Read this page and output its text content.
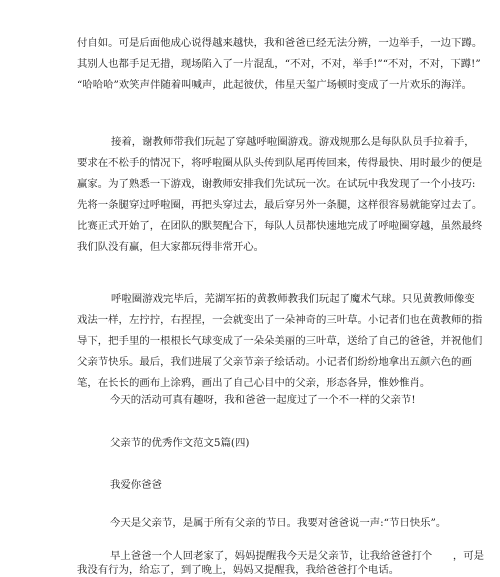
付自如。可是后面他成心说得越来越快，我和爸爸已经无法分辨，一边举手，一边下蹲。
其别人也都手足无措，现场陷入了一片混乱，“不对，不对，举手!”“不对，不对，下蹲!”
“哈哈哈”欢笑声伴随着叫喊声，此起彼伏，伟星天玺广场顿时变成了一片欢乐的海洋。

接着，谢教师带我们玩起了穿越呼啦圈游戏。游戏规那么是每队队员手拉着手，
要求在不松手的情况下，将呼啦圈从队头传到队尾再传回来，传得最快、用时最少的便是
赢家。为了熟悉一下游戏，谢教师安排我们先试玩一次。在试玩中我发现了一个小技巧:
先将一条腿穿过呼啦圈，再把头穿过去，最后穿另外一条腿，这样很容易就能穿过去了。
比赛正式开始了，在团队的默契配合下，每队人员都快速地完成了呼啦圈穿越，虽然最终
我们队没有赢，但大家都玩得非常开心。

呼啦圈游戏完毕后，芜湖军拓的黄教师教我们玩起了魔术气球。只见黄教师像变
戏法一样，左拧拧，右捏捏，一会就变出了一朵神奇的三叶草。小记者们也在黄教师的指
导下，把手里的一根根长气球变成了一朵朵美丽的三叶草，送给了自己的爸爸，并祝他们
父亲节快乐。最后，我们进展了父亲节亲子绘话动。小记者们纷纷地拿出五颜六色的画
笔，在长长的画布上涂鸦，画出了自己心目中的父亲，形态各异，惟妙惟肖。

今天的活动可真有趣呀，我和爸爸一起度过了一个不一样的父亲节!

父亲节的优秀作文范文5篇(四)

我爱你爸爸

今天是父亲节，是属于所有父亲的节日。我要对爸爸说一声:“节日快乐”。

早上爸爸一个人回老家了，妈妈提醒我今天是父亲节，让我给爸爸打个　　，可是

我没有行为，给忘了，到了晚上，妈妈又提醒我，我给爸爸打个电话。
